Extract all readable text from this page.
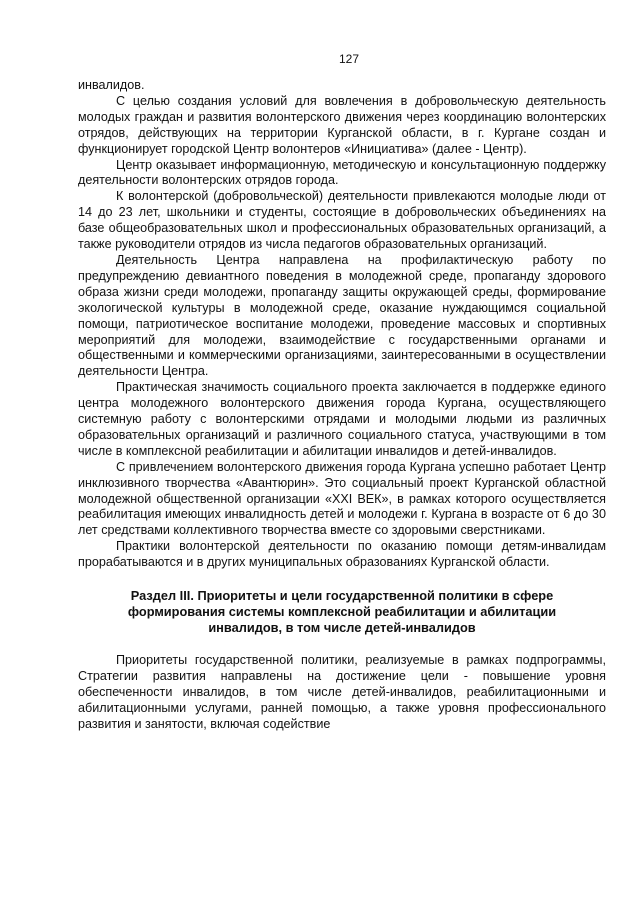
127

инвалидов.

С целью создания условий для вовлечения в добровольческую деятельность молодых граждан и развития волонтерского движения через координацию волонтерских отрядов, действующих на территории Курганской области, в г. Кургане создан и функционирует городской Центр волонтеров «Инициатива» (далее - Центр).

Центр оказывает информационную, методическую и консультационную поддержку деятельности волонтерских отрядов города.

К волонтерской (добровольческой) деятельности привлекаются молодые люди от 14 до 23 лет, школьники и студенты, состоящие в добровольческих объединениях на базе общеобразовательных школ и профессиональных образовательных организаций, а также руководители отрядов из числа педагогов образовательных организаций.

Деятельность Центра направлена на профилактическую работу по предупреждению девиантного поведения в молодежной среде, пропаганду здорового образа жизни среди молодежи, пропаганду защиты окружающей среды, формирование экологической культуры в молодежной среде, оказание нуждающимся социальной помощи, патриотическое воспитание молодежи, проведение массовых и спортивных мероприятий для молодежи, взаимодействие с государственными органами и общественными и коммерческими организациями, заинтересованными в осуществлении деятельности Центра.

Практическая значимость социального проекта заключается в поддержке единого центра молодежного волонтерского движения города Кургана, осуществляющего системную работу с волонтерскими отрядами и молодыми людьми из различных образовательных организаций и различного социального статуса, участвующими в том числе в комплексной реабилитации и абилитации инвалидов и детей-инвалидов.

С привлечением волонтерского движения города Кургана успешно работает Центр инклюзивного творчества «Авантюрин». Это социальный проект Курганской областной молодежной общественной организации «XXI ВЕК», в рамках которого осуществляется реабилитация имеющих инвалидность детей и молодежи г. Кургана в возрасте от 6 до 30 лет средствами коллективного творчества вместе со здоровыми сверстниками.

Практики волонтерской деятельности по оказанию помощи детям-инвалидам прорабатываются и в других муниципальных образованиях Курганской области.

Раздел III. Приоритеты и цели государственной политики в сфере
формирования системы комплексной реабилитации и абилитации
инвалидов, в том числе детей-инвалидов

Приоритеты государственной политики, реализуемые в рамках подпрограммы, Стратегии развития направлены на достижение цели - повышение уровня обеспеченности инвалидов, в том числе детей-инвалидов, реабилитационными и абилитационными услугами, ранней помощью, а также уровня профессионального развития и занятости, включая содействие
